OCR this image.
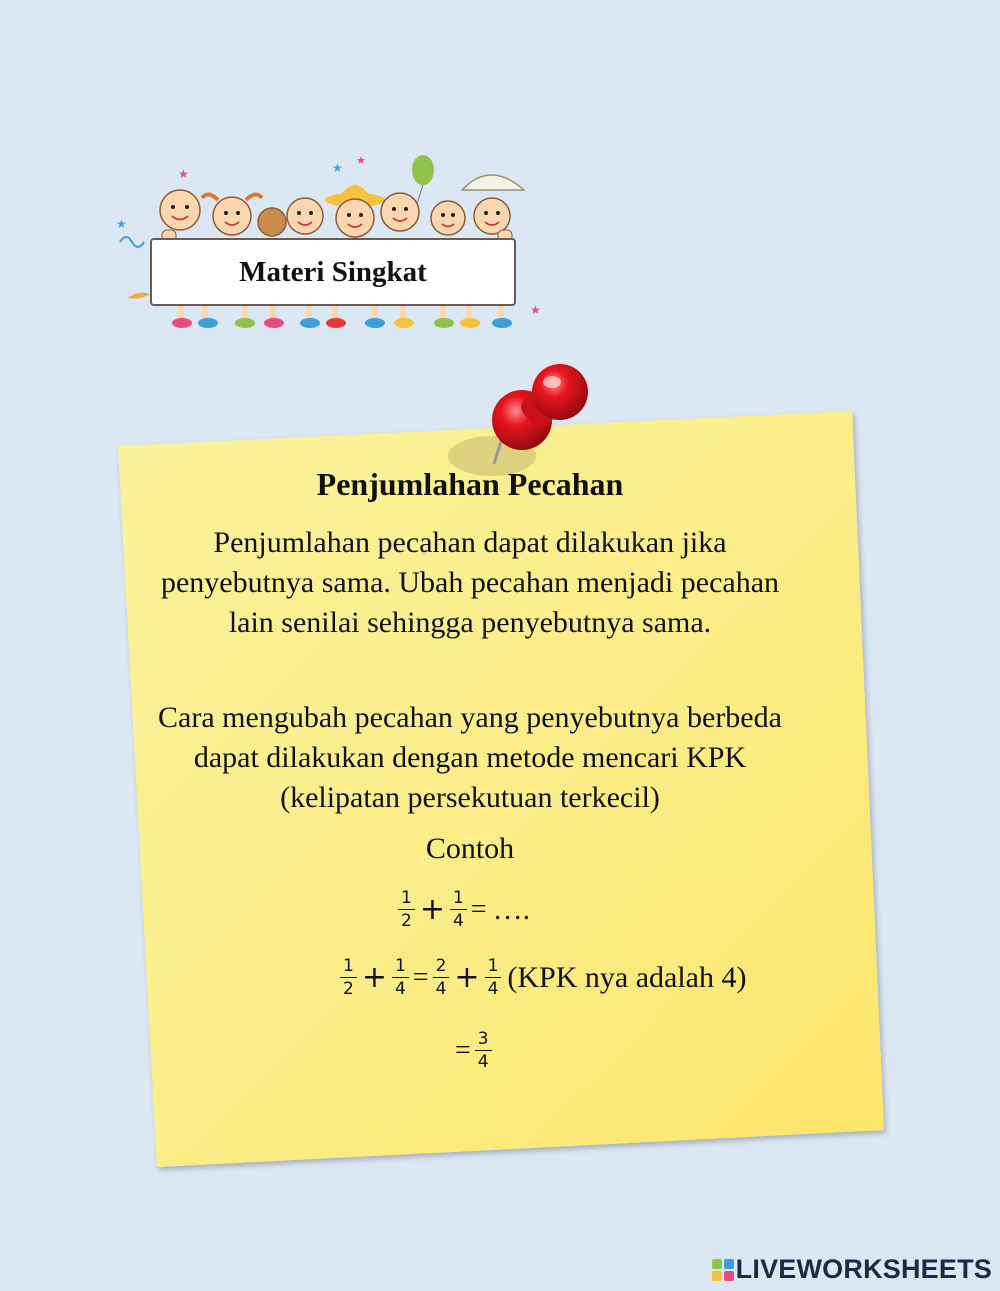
★	★
★
★
★
Materi Singkat
Penjumlahan Pecahan
Penjumlahan pecahan dapat dilakukan jika penyebutnya sama. Ubah pecahan menjadi pecahan lain senilai sehingga penyebutnya sama.
Cara mengubah pecahan yang penyebutnya berbeda dapat dilakukan dengan metode mencari KPK (kelipatan persekutuan terkecil)
Contoh
$\frac{1}{2} + \frac{1}{4}$ = ….
$\frac{1}{2} + \frac{1}{4} = \frac{2}{4} + \frac{1}{4} (KPK$ nya adalah 4)
= $\frac{3}{4}$
LIVEWORKSHEETS
